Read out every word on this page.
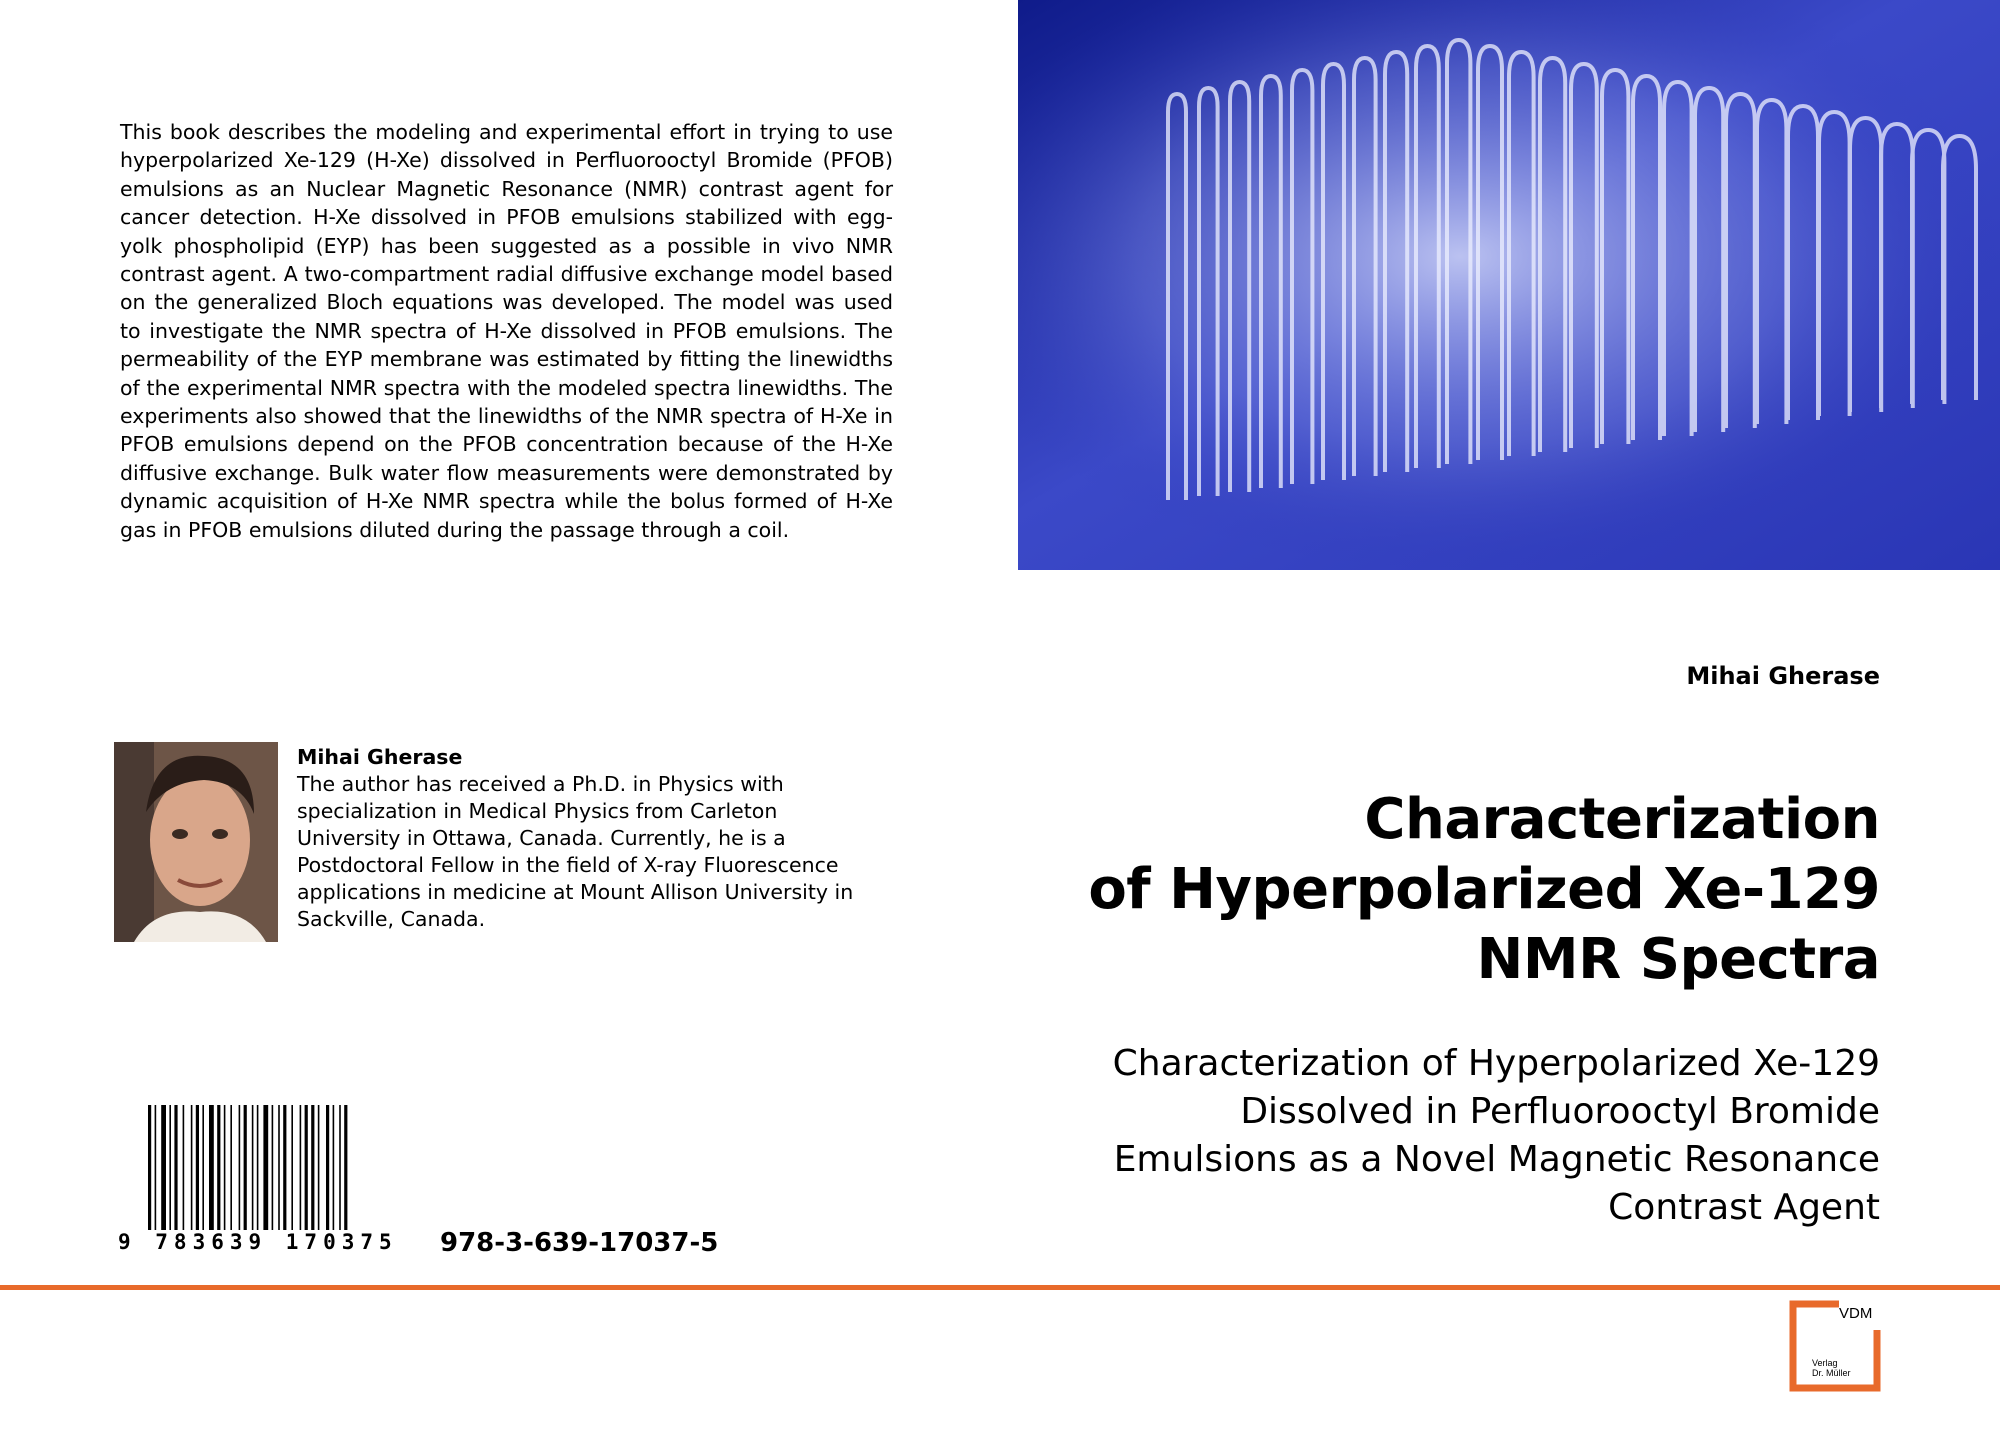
This book describes the modeling and experimental effort in trying to use hyperpolarized Xe-129 (H-Xe) dissolved in Perfluorooctyl Bromide (PFOB) emulsions as an Nuclear Magnetic Resonance (NMR) contrast agent for cancer detection. H-Xe dissolved in PFOB emulsions stabilized with egg-yolk phospholipid (EYP) has been suggested as a possible in vivo NMR contrast agent. A two-compartment radial diffusive exchange model based on the generalized Bloch equations was developed. The model was used to investigate the NMR spectra of H-Xe dissolved in PFOB emulsions. The permeability of the EYP membrane was estimated by fitting the linewidths of the experimental NMR spectra with the modeled spectra linewidths. The experiments also showed that the linewidths of the NMR spectra of H-Xe in PFOB emulsions depend on the PFOB concentration because of the H-Xe diffusive exchange. Bulk water flow measurements were demonstrated by dynamic acquisition of H-Xe NMR spectra while the bolus formed of H-Xe gas in PFOB emulsions diluted during the passage through a coil.
Mihai Gherase
Mihai Gherase
The author has received a Ph.D. in Physics with specialization in Medical Physics from Carleton University in Ottawa, Canada. Currently, he is a Postdoctoral Fellow in the field of X-ray Fluorescence applications in medicine at Mount Allison University in Sackville, Canada.
Characterization
of Hyperpolarized Xe-129
NMR Spectra
Characterization of Hyperpolarized Xe-129
Dissolved in Perfluorooctyl Bromide
Emulsions as a Novel Magnetic Resonance
Contrast Agent
9 783639 170375	978-3-639-17037-5
VDM
Verlag
Dr. Müller
